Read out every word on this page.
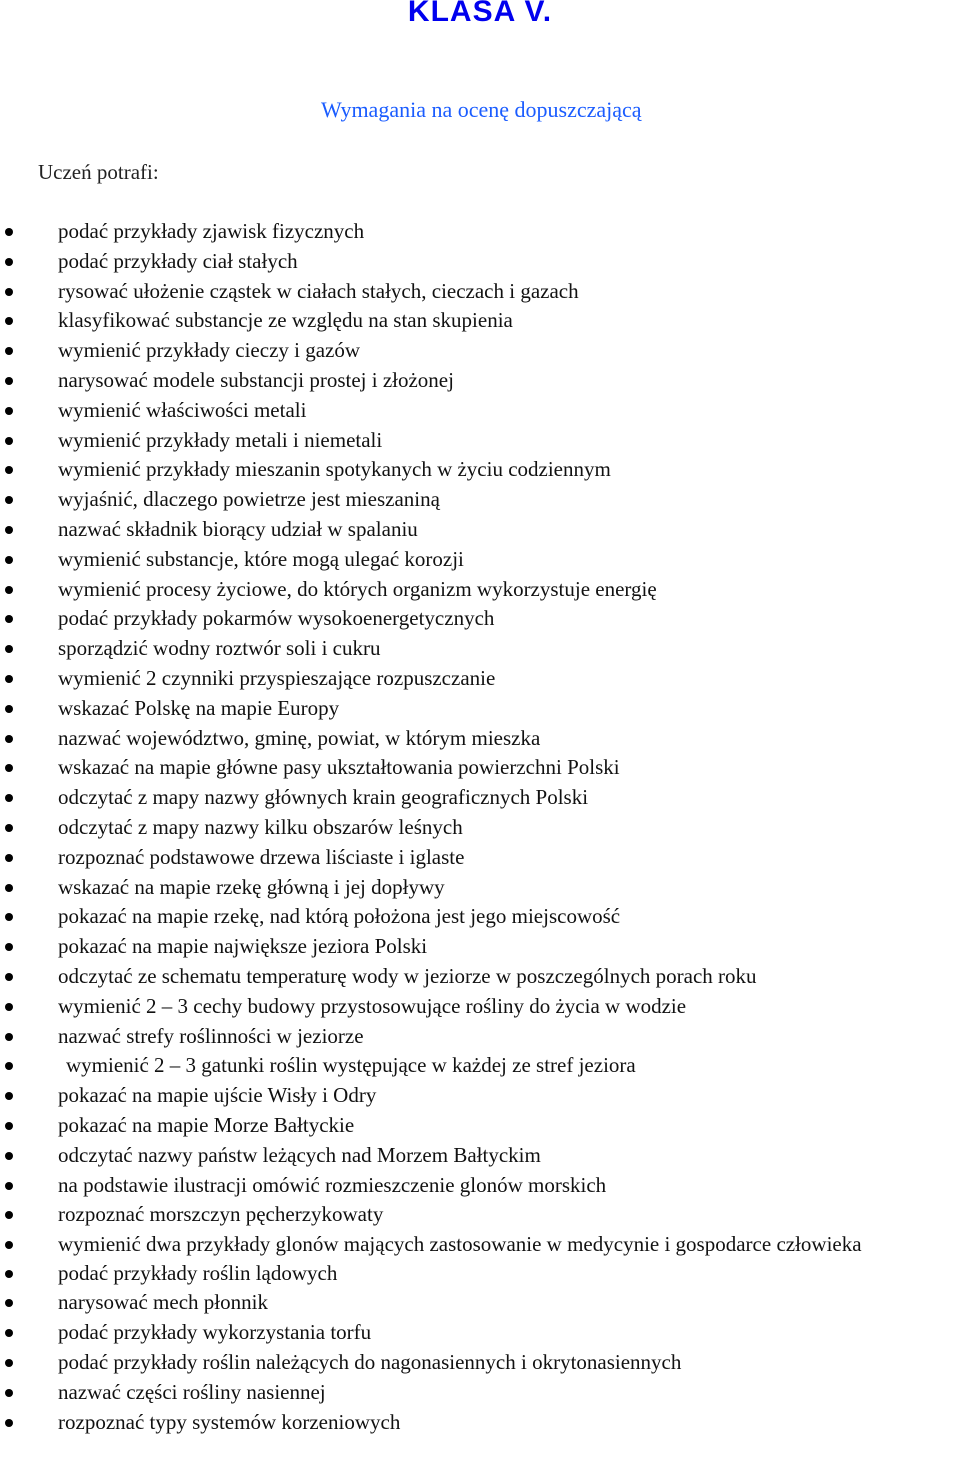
KLASA V.
Wymagania na ocenę dopuszczającą
Uczeń potrafi:
podać przykłady zjawisk fizycznych
podać przykłady ciał stałych
rysować ułożenie cząstek w ciałach stałych, cieczach i gazach
klasyfikować substancje ze względu na stan skupienia
wymienić przykłady cieczy i gazów
narysować modele substancji prostej i złożonej
wymienić właściwości metali
wymienić przykłady metali i niemetali
wymienić przykłady mieszanin spotykanych w życiu codziennym
wyjaśnić, dlaczego powietrze jest mieszaniną
nazwać składnik biorący udział w spalaniu
wymienić substancje, które mogą ulegać korozji
wymienić procesy życiowe, do których organizm wykorzystuje energię
podać przykłady pokarmów wysokoenergetycznych
sporządzić wodny roztwór soli i cukru
wymienić 2 czynniki przyspieszające rozpuszczanie
wskazać Polskę na mapie Europy
nazwać województwo, gminę, powiat, w którym mieszka
wskazać na mapie główne pasy ukształtowania powierzchni Polski
odczytać z mapy nazwy głównych krain geograficznych Polski
odczytać z mapy nazwy kilku obszarów leśnych
rozpoznać podstawowe drzewa liściaste i iglaste
wskazać na mapie rzekę główną i jej dopływy
pokazać na mapie rzekę, nad którą położona jest jego miejscowość
pokazać na mapie największe jeziora Polski
odczytać ze schematu temperaturę wody w jeziorze w poszczególnych porach roku
wymienić 2 – 3 cechy budowy przystosowujące rośliny do życia w wodzie
nazwać strefy roślinności w jeziorze
wymienić 2 – 3 gatunki roślin występujące w każdej ze stref jeziora
pokazać na mapie ujście Wisły i Odry
pokazać na mapie Morze Bałtyckie
odczytać nazwy państw leżących nad Morzem Bałtyckim
na podstawie ilustracji omówić rozmieszczenie glonów morskich
rozpoznać morszczyn pęcherzykowaty
wymienić dwa przykłady glonów mających zastosowanie w medycynie i gospodarce człowieka
podać przykłady roślin lądowych
narysować mech płonnik
podać przykłady wykorzystania torfu
podać przykłady roślin należących do nagonasiennych i okrytonasiennych
nazwać części rośliny nasiennej
rozpoznać typy systemów korzeniowych
